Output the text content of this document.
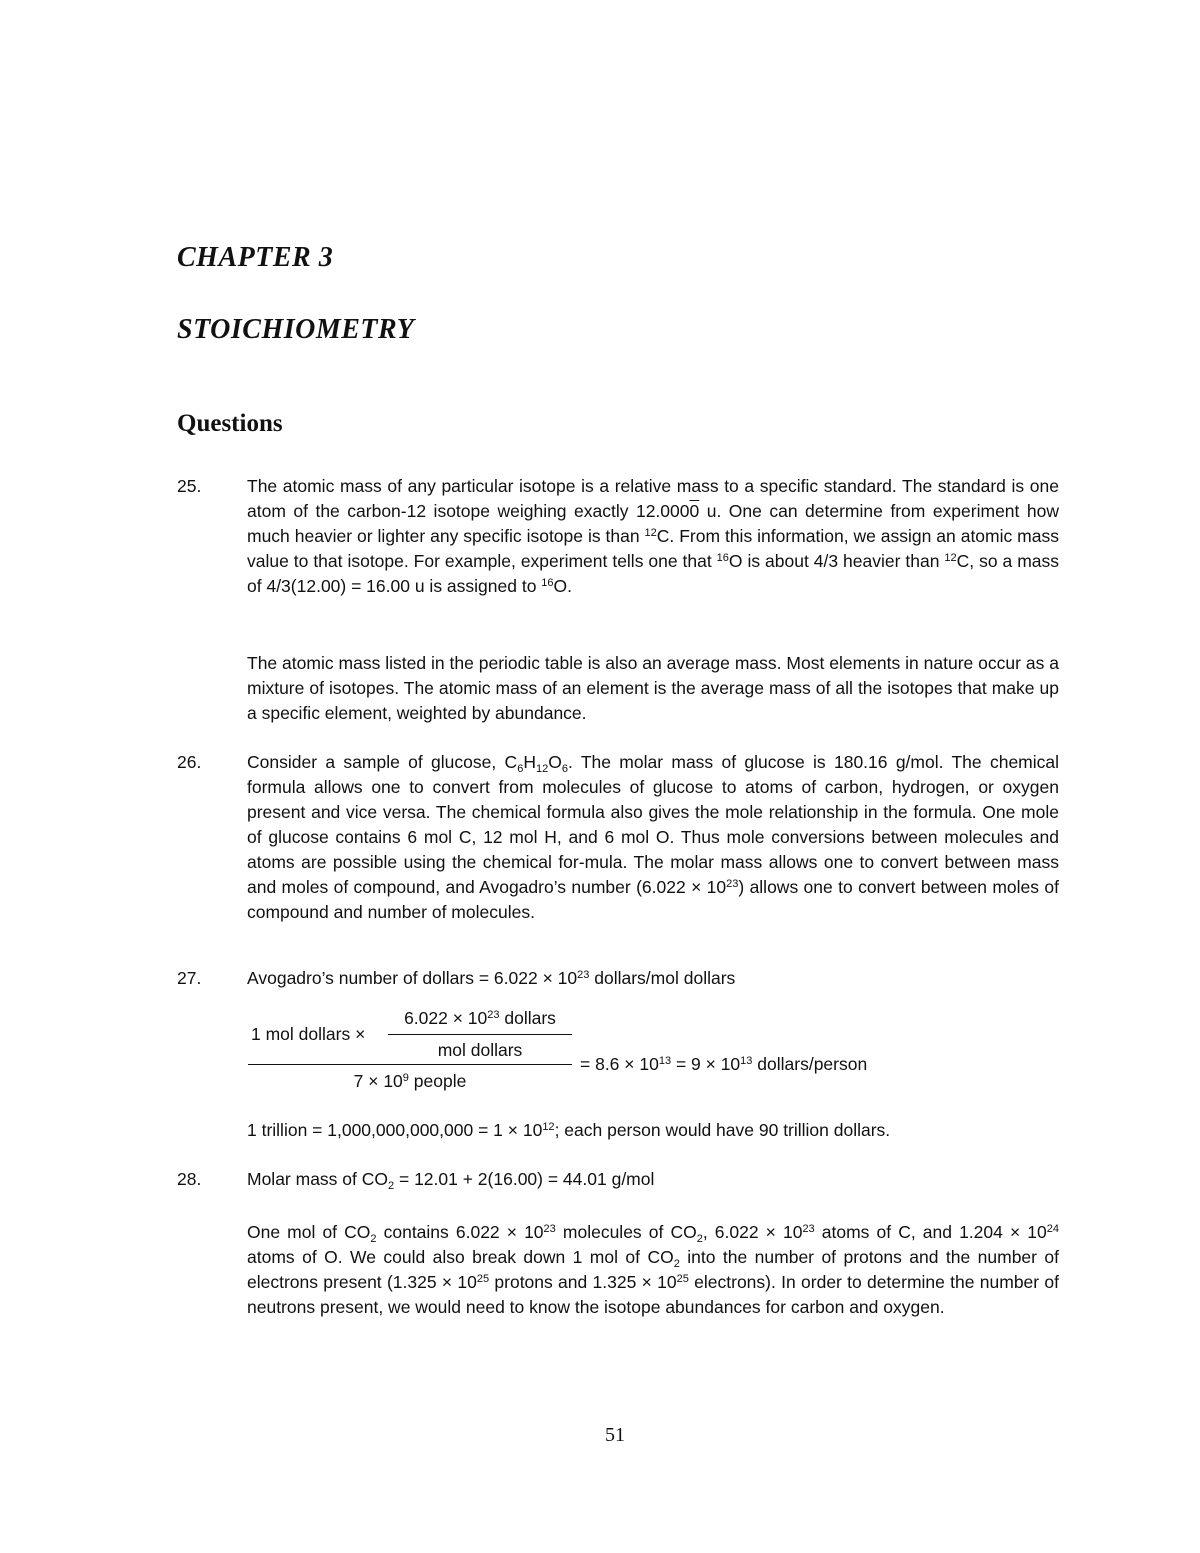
CHAPTER 3
STOICHIOMETRY
Questions
25.	The atomic mass of any particular isotope is a relative mass to a specific standard. The standard is one atom of the carbon-12 isotope weighing exactly 12.0000 u. One can determine from experiment how much heavier or lighter any specific isotope is than $^{12}$C. From this information, we assign an atomic mass value to that isotope. For example, experiment tells one that $^{16}$O is about 4/3 heavier than $^{12}$C, so a mass of 4/3(12.00) = 16.00 u is assigned to $^{16}$O.

The atomic mass listed in the periodic table is also an average mass. Most elements in nature occur as a mixture of isotopes. The atomic mass of an element is the average mass of all the isotopes that make up a specific element, weighted by abundance.

26.	Consider a sample of glucose, $C_6H_{12}O_6$. The molar mass of glucose is 180.16 g/mol. The chemical formula allows one to convert from molecules of glucose to atoms of carbon, hydrogen, or oxygen present and vice versa. The chemical formula also gives the mole relationship in the formula. One mole of glucose contains 6 mol C, 12 mol H, and 6 mol O. Thus mole conversions between molecules and atoms are possible using the chemical for-mula. The molar mass allows one to convert between mass and moles of compound, and Avogadro’s number $(6.022 \times 10^{23})$ allows one to convert between moles of compound and number of molecules.

27.	Avogadro’s number of dollars = $6.022 \times 10^{23}$ dollars/mol dollars
1 mol dollars ×
$6.022 \times 10^{23}$ dollars
mol dollars
$7 \times 10^9$ people
= $8.6 \times 10^{13} = 9 \times 10^{13}$ dollars/person
1 trillion = $1,000,000,000,000 = 1 \times 10^{12}$; each person would have 90 trillion dollars.
28.	Molar mass of $CO_2 = 12.01 + 2(16.00) = 44.01$ g/mol

One mol of $CO_2$ contains $6.022 \times 10^{23}$ molecules of $CO_2$, $6.022 \times 10^{23}$ atoms of C, and $1.204 \times 10^{24}$ atoms of O. We could also break down 1 mol of $CO_2$ into the number of protons and the number of electrons present ($1.325 \times 10^{25}$ protons and $1.325 \times 10^{25}$ electrons). In order to determine the number of neutrons present, we would need to know the isotope abundances for carbon and oxygen.

51
